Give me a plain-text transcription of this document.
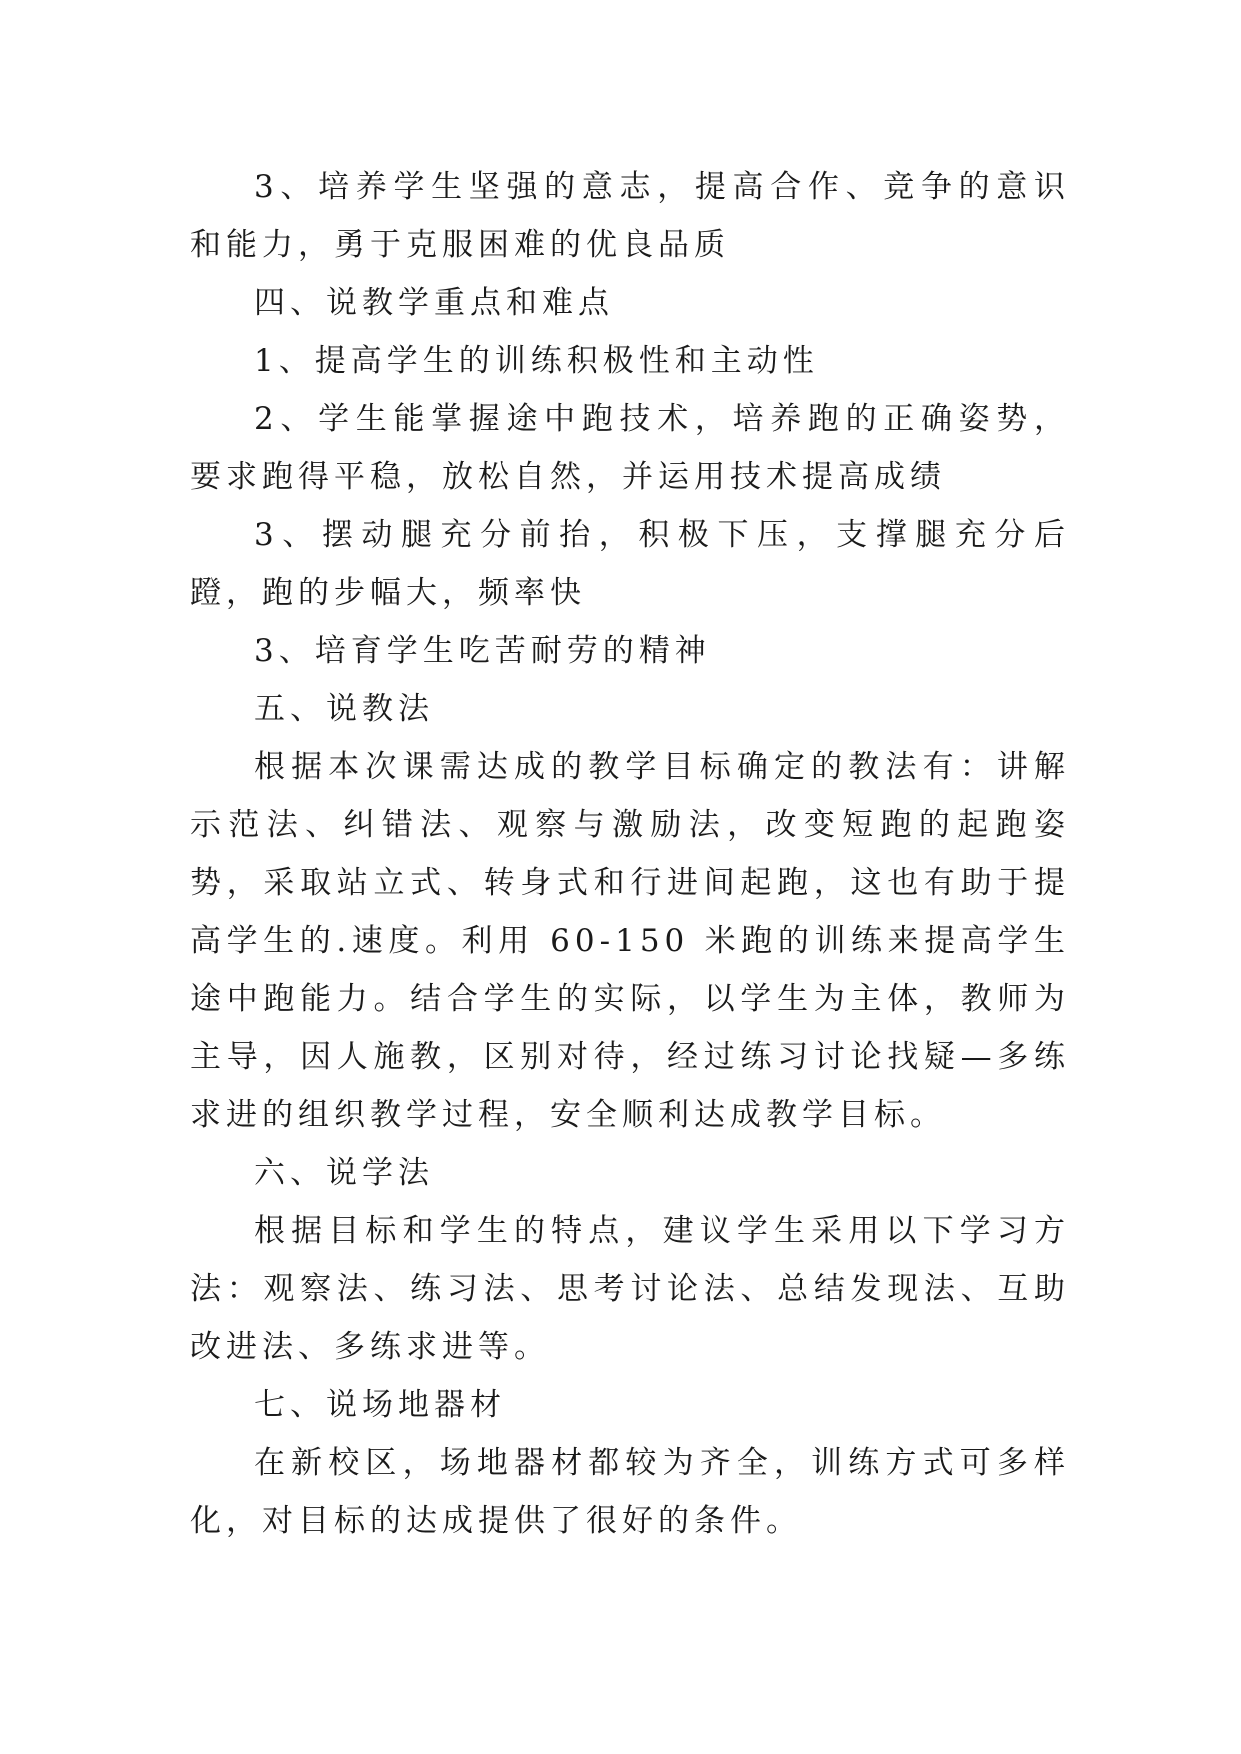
3、培养学生坚强的意志，提高合作、竞争的意识和能力，勇于克服困难的优良品质

四、说教学重点和难点

1、提高学生的训练积极性和主动性

2、学生能掌握途中跑技术，培养跑的正确姿势，要求跑得平稳，放松自然，并运用技术提高成绩

3、摆动腿充分前抬，积极下压，支撑腿充分后蹬，跑的步幅大，频率快

3、培育学生吃苦耐劳的精神

五、说教法

根据本次课需达成的教学目标确定的教法有：讲解示范法、纠错法、观察与激励法，改变短跑的起跑姿势，采取站立式、转身式和行进间起跑，这也有助于提高学生的.速度。利用 60-150 米跑的训练来提高学生途中跑能力。结合学生的实际，以学生为主体，教师为主导，因人施教，区别对待，经过练习讨论找疑—多练求进的组织教学过程，安全顺利达成教学目标。

六、说学法

根据目标和学生的特点，建议学生采用以下学习方法：观察法、练习法、思考讨论法、总结发现法、互助改进法、多练求进等。

七、说场地器材

在新校区，场地器材都较为齐全，训练方式可多样化，对目标的达成提供了很好的条件。
